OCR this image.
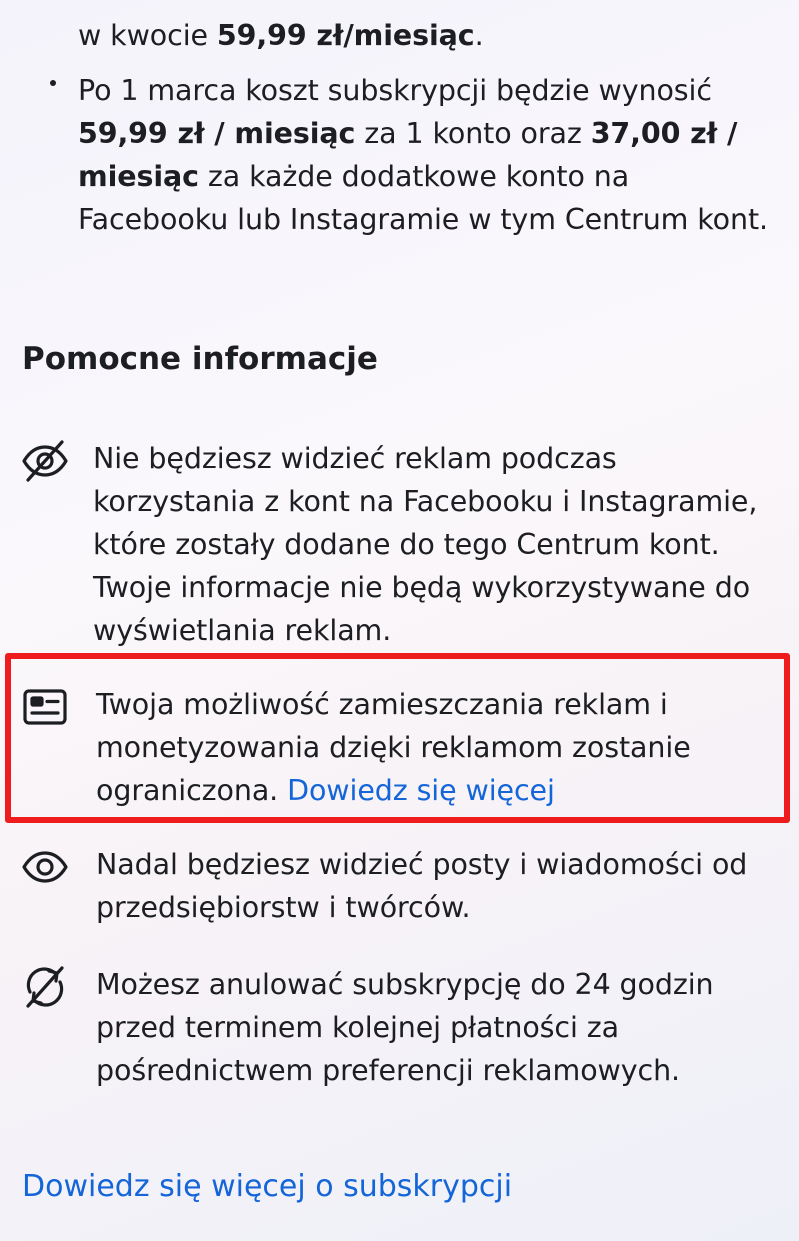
w kwocie 59,99 zł/miesiąc.
Po 1 marca koszt subskrypcji będzie wynosić 59,99 zł / miesiąc za 1 konto oraz 37,00 zł / miesiąc za każde dodatkowe konto na Facebooku lub Instagramie w tym Centrum kont.
Pomocne informacje
Nie będziesz widzieć reklam podczas korzystania z kont na Facebooku i Instagramie, które zostały dodane do tego Centrum kont. Twoje informacje nie będą wykorzystywane do wyświetlania reklam.
Twoja możliwość zamieszczania reklam i monetyzowania dzięki reklamom zostanie ograniczona. Dowiedz się więcej
Nadal będziesz widzieć posty i wiadomości od przedsiębiorstw i twórców.
Możesz anulować subskrypcję do 24 godzin przed terminem kolejnej płatności za pośrednictwem preferencji reklamowych.
Dowiedz się więcej o subskrypcji
